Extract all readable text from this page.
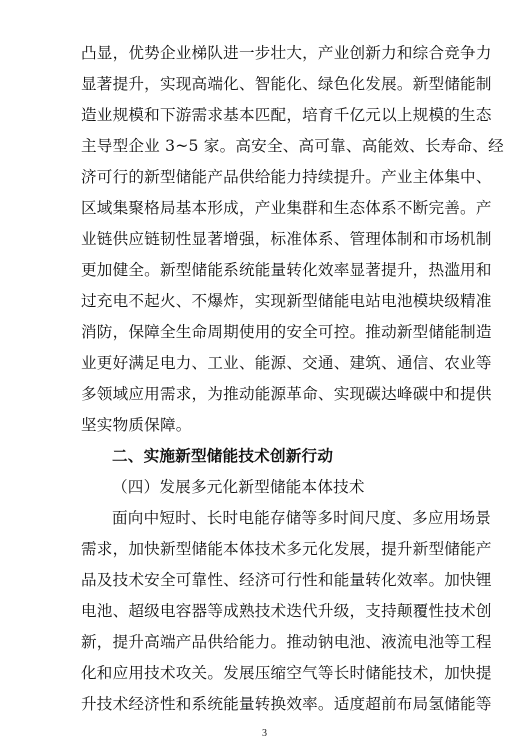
凸显，优势企业梯队进一步壮大，产业创新力和综合竞争力
显著提升，实现高端化、智能化、绿色化发展。新型储能制
造业规模和下游需求基本匹配，培育千亿元以上规模的生态
主导型企业 3~5 家。高安全、高可靠、高能效、长寿命、经
济可行的新型储能产品供给能力持续提升。产业主体集中、
区域集聚格局基本形成，产业集群和生态体系不断完善。产
业链供应链韧性显著增强，标准体系、管理体制和市场机制
更加健全。新型储能系统能量转化效率显著提升，热滥用和
过充电不起火、不爆炸，实现新型储能电站电池模块级精准
消防，保障全生命周期使用的安全可控。推动新型储能制造
业更好满足电力、工业、能源、交通、建筑、通信、农业等
多领域应用需求，为推动能源革命、实现碳达峰碳中和提供
坚实物质保障。
二、实施新型储能技术创新行动
（四）发展多元化新型储能本体技术
面向中短时、长时电能存储等多时间尺度、多应用场景
需求，加快新型储能本体技术多元化发展，提升新型储能产
品及技术安全可靠性、经济可行性和能量转化效率。加快锂
电池、超级电容器等成熟技术迭代升级，支持颠覆性技术创
新，提升高端产品供给能力。推动钠电池、液流电池等工程
化和应用技术攻关。发展压缩空气等长时储能技术，加快提
升技术经济性和系统能量转换效率。适度超前布局氢储能等
3
